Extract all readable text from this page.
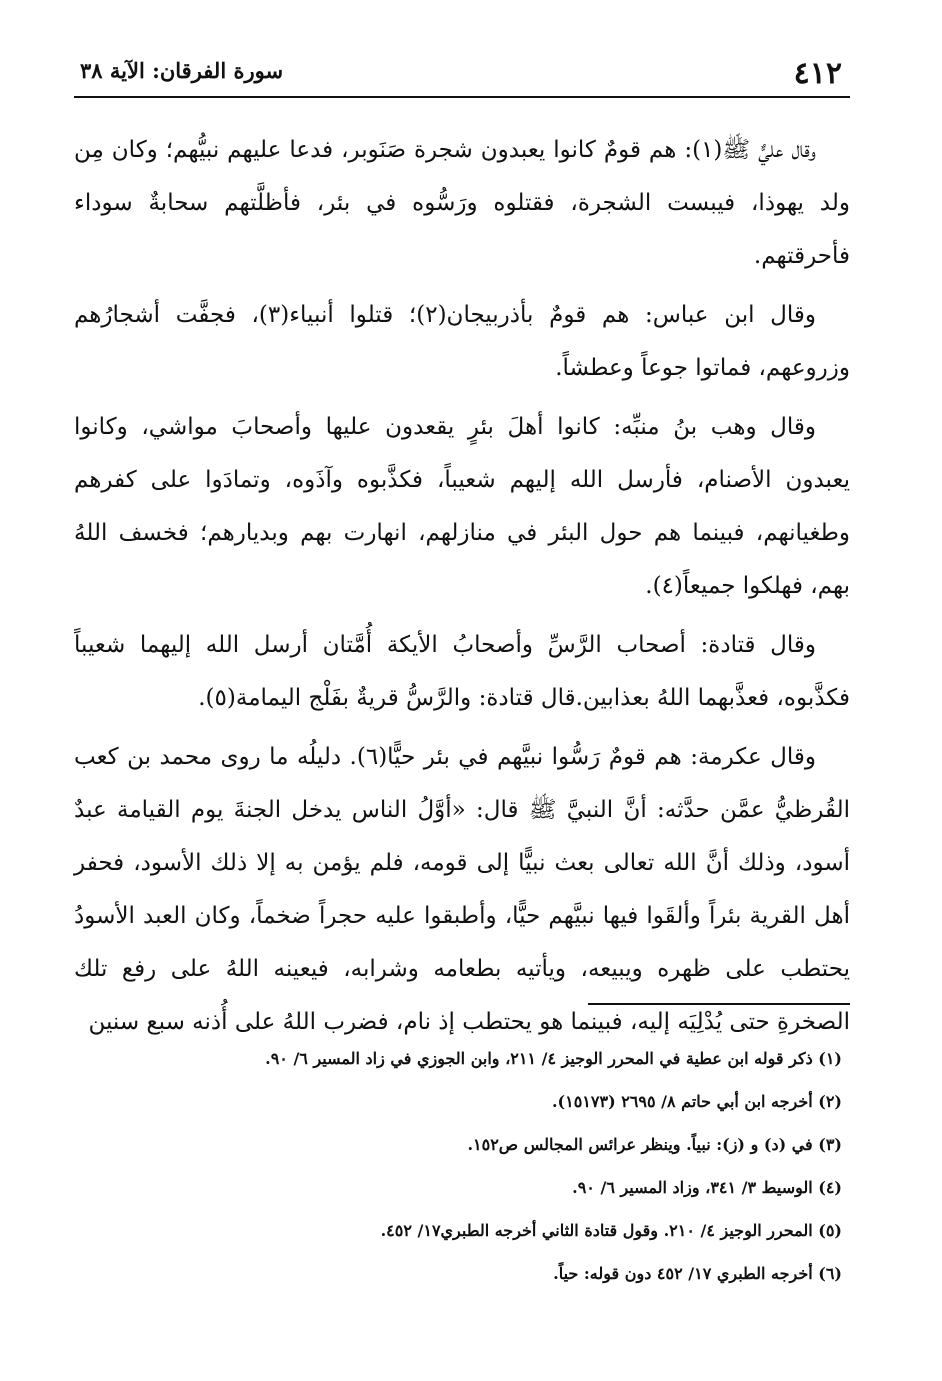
٤١٢
سورة الفرقان: الآية ٣٨

وقال عليٌّ ﷺ(١): هم قومٌ كانوا يعبدون شجرة صَنَوبر، فدعا عليهم نبيُّهم؛ وكان مِن ولد يهوذا، فيبست الشجرة، فقتلوه ورَسُّوه في بئر، فأظلَّتهم سحابةٌ سوداء فأحرقتهم.

وقال ابن عباس: هم قومٌ بأذربيجان(٢)؛ قتلوا أنبياء(٣)، فجفَّت أشجارُهم وزروعهم، فماتوا جوعاً وعطشاً.

وقال وهب بنُ منبِّه: كانوا أهلَ بئرٍ يقعدون عليها وأصحابَ مواشي، وكانوا يعبدون الأصنام، فأرسل الله إليهم شعيباً، فكذَّبوه وآذَوه، وتمادَوا على كفرهم وطغيانهم، فبينما هم حول البئر في منازلهم، انهارت بهم وبديارهم؛ فخسف اللهُ بهم، فهلكوا جميعاً(٤).

وقال قتادة: أصحاب الرَّسِّ وأصحابُ الأيكة أُمَّتان أرسل الله إليهما شعيباً فكذَّبوه، فعذَّبهما اللهُ بعذابين.قال قتادة: والرَّسُّ قريةٌ بفَلْج اليمامة(٥).

وقال عكرمة: هم قومٌ رَسُّوا نبيَّهم في بئر حيًّا(٦). دليلُه ما روى محمد بن كعب القُرظيُّ عمَّن حدَّثه: أنَّ النبيَّ ﷺ قال: «أوَّلُ الناس يدخل الجنةَ يوم القيامة عبدٌ أسود، وذلك أنَّ الله تعالى بعث نبيًّا إلى قومه، فلم يؤمن به إلا ذلك الأسود، فحفر أهل القرية بئراً وألقَوا فيها نبيَّهم حيًّا، وأطبقوا عليه حجراً ضخماً، وكان العبد الأسودُ يحتطب على ظهره ويبيعه، ويأتيه بطعامه وشرابه، فيعينه اللهُ على رفع تلك الصخرةِ حتى يُدْلِيَه إليه، فبينما هو يحتطب إذ نام، فضرب اللهُ على أُذنه سبع سنين

(١) ذكر قوله ابن عطية في المحرر الوجيز ٤/ ٢١١، وابن الجوزي في زاد المسير ٦/ ٩٠.

(٢) أخرجه ابن أبي حاتم ٨/ ٢٦٩٥ (١٥١٧٣).

(٣) في (د) و (ز): نبياً. وينظر عرائس المجالس ص١٥٢.

(٤) الوسيط ٣/ ٣٤١، وزاد المسير ٦/ ٩٠.

(٥) المحرر الوجيز ٤/ ٢١٠. وقول قتادة الثاني أخرجه الطبري١٧/ ٤٥٢.

(٦) أخرجه الطبري ١٧/ ٤٥٢ دون قوله: حياً.
